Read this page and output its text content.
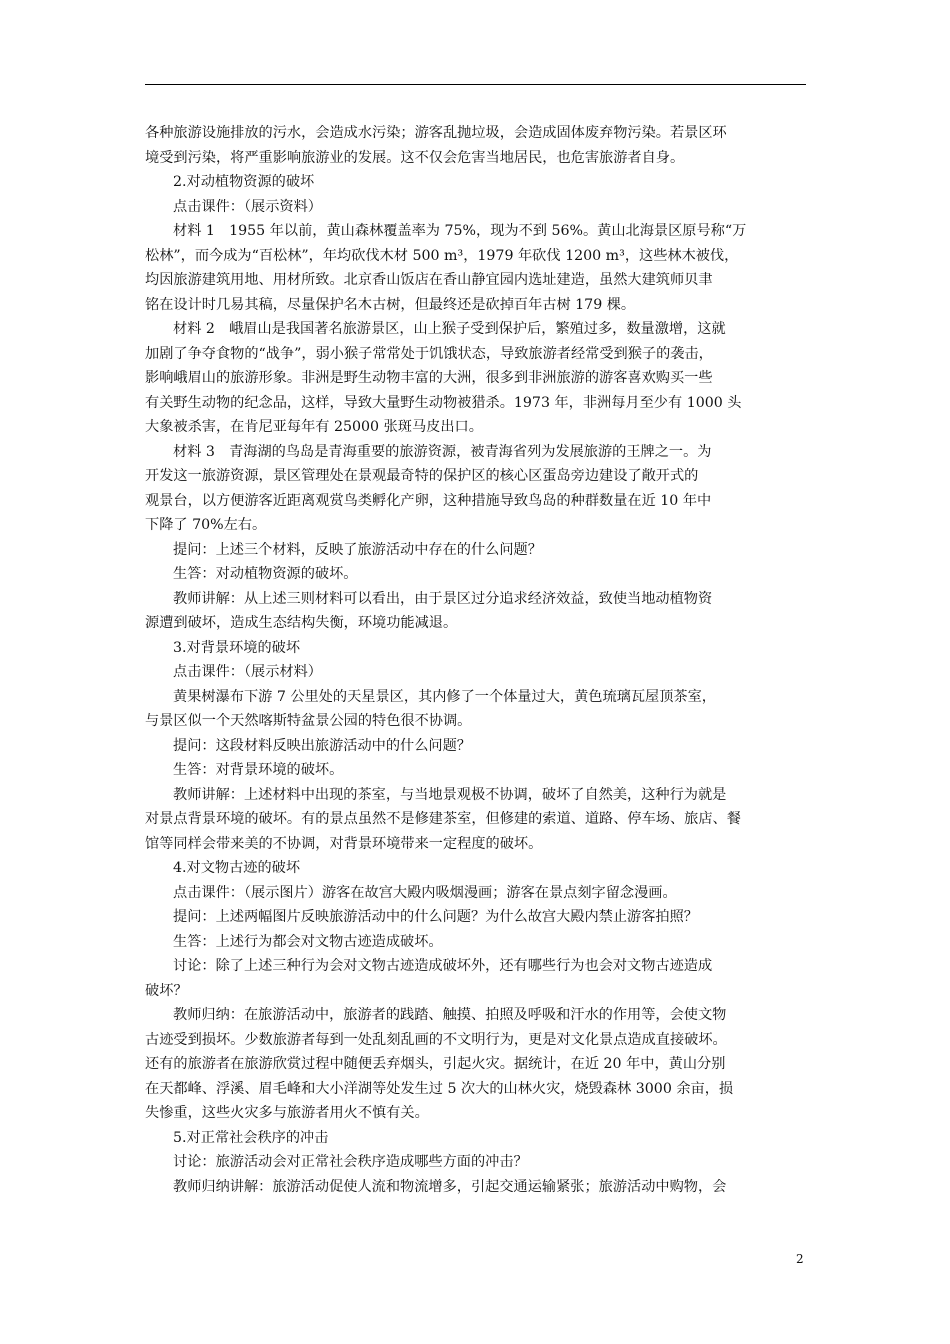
各种旅游设施排放的污水，会造成水污染；游客乱抛垃圾，会造成固体废弃物污染。若景区环

境受到污染，将严重影响旅游业的发展。这不仅会危害当地居民，也危害旅游者自身。

2.对动植物资源的破坏

点击课件：（展示资料）

材料 1　1955 年以前，黄山森林覆盖率为 75%，现为不到 56%。黄山北海景区原号称“万

松林”，而今成为“百松林”，年均砍伐木材 500 m³，1979 年砍伐 1200 m³，这些林木被伐，

均因旅游建筑用地、用材所致。北京香山饭店在香山静宜园内选址建造，虽然大建筑师贝聿

铭在设计时几易其稿，尽量保护名木古树，但最终还是砍掉百年古树 179 棵。

材料 2　峨眉山是我国著名旅游景区，山上猴子受到保护后，繁殖过多，数量激增，这就

加剧了争夺食物的“战争”，弱小猴子常常处于饥饿状态，导致旅游者经常受到猴子的袭击，

影响峨眉山的旅游形象。非洲是野生动物丰富的大洲，很多到非洲旅游的游客喜欢购买一些

有关野生动物的纪念品，这样，导致大量野生动物被猎杀。1973 年，非洲每月至少有 1000 头

大象被杀害，在肯尼亚每年有 25000 张斑马皮出口。

材料 3　青海湖的鸟岛是青海重要的旅游资源，被青海省列为发展旅游的王牌之一。为

开发这一旅游资源，景区管理处在景观最奇特的保护区的核心区蛋岛旁边建设了敞开式的

观景台，以方便游客近距离观赏鸟类孵化产卵，这种措施导致鸟岛的种群数量在近 10 年中

下降了 70%左右。

提问：上述三个材料，反映了旅游活动中存在的什么问题？

生答：对动植物资源的破坏。

教师讲解：从上述三则材料可以看出，由于景区过分追求经济效益，致使当地动植物资

源遭到破坏，造成生态结构失衡，环境功能减退。

3.对背景环境的破坏

点击课件：（展示材料）

黄果树瀑布下游 7 公里处的天星景区，其内修了一个体量过大，黄色琉璃瓦屋顶茶室，

与景区似一个天然喀斯特盆景公园的特色很不协调。

提问：这段材料反映出旅游活动中的什么问题？

生答：对背景环境的破坏。

教师讲解：上述材料中出现的茶室，与当地景观极不协调，破坏了自然美，这种行为就是

对景点背景环境的破坏。有的景点虽然不是修建茶室，但修建的索道、道路、停车场、旅店、餐

馆等同样会带来美的不协调，对背景环境带来一定程度的破坏。

4.对文物古迹的破坏

点击课件：（展示图片）游客在故宫大殿内吸烟漫画；游客在景点刻字留念漫画。

提问：上述两幅图片反映旅游活动中的什么问题？为什么故宫大殿内禁止游客拍照？

生答：上述行为都会对文物古迹造成破坏。

讨论：除了上述三种行为会对文物古迹造成破坏外，还有哪些行为也会对文物古迹造成

破坏？

教师归纳：在旅游活动中，旅游者的践踏、触摸、拍照及呼吸和汗水的作用等，会使文物

古迹受到损坏。少数旅游者每到一处乱刻乱画的不文明行为，更是对文化景点造成直接破坏。

还有的旅游者在旅游欣赏过程中随便丢弃烟头，引起火灾。据统计，在近 20 年中，黄山分别

在天都峰、浮溪、眉毛峰和大小洋湖等处发生过 5 次大的山林火灾，烧毁森林 3000 余亩，损

失惨重，这些火灾多与旅游者用火不慎有关。

5.对正常社会秩序的冲击

讨论：旅游活动会对正常社会秩序造成哪些方面的冲击？

教师归纳讲解：旅游活动促使人流和物流增多，引起交通运输紧张；旅游活动中购物，会

2
